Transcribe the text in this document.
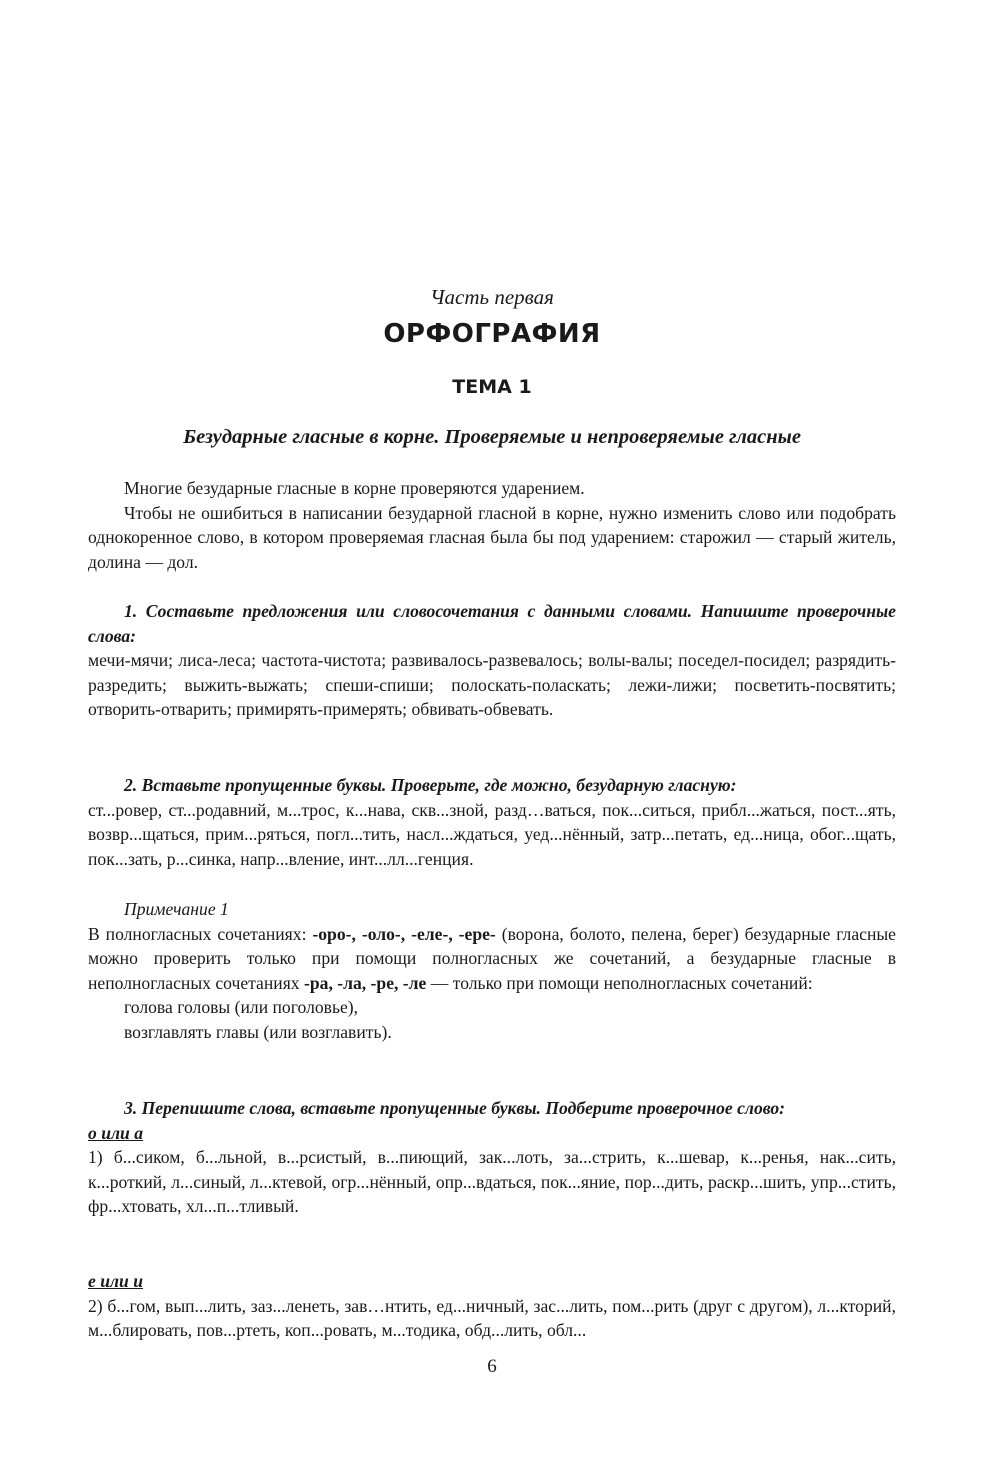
Часть первая

ОРФОГРАФИЯ
ТЕМА 1
Безударные гласные в корне. Проверяемые и непроверяемые гласные

Многие безударные гласные в корне проверяются ударением.

Чтобы не ошибиться в написании безударной гласной в корне, нужно изменить слово или подобрать однокоренное слово, в котором проверяемая гласная была бы под ударением: старожил — старый житель, долина — дол.

1. Составьте предложения или словосочетания с данными словами. Напишите проверочные слова:

мечи-мячи; лиса-леса; частота-чистота; развивалось-развевалось; волы-валы; поседел-посидел; разрядить-разредить; выжить-выжать; спеши-спиши; полоскать-поласкать; лежи-лижи; посветить-посвятить; отворить-отварить; примирять-примерять; обвивать-обвевать.

2. Вставьте пропущенные буквы. Проверьте, где можно, безударную гласную:

ст...ровер, ст...родавний, м...трос, к...нава, скв...зной, разд…ваться, пок...ситься, прибл...жаться, пост...ять, возвр...щаться, прим...ряться, погл...тить, насл...ждаться, уед...нённый, затр...петать, ед...ница, обог...щать, пок...зать, р...синка, напр...вление, инт...лл...генция.

Примечание 1

В полногласных сочетаниях: -оро-, -оло-, -еле-, -ере- (ворона, болото, пелена, берег) безударные гласные можно проверить только при помощи полногласных же сочетаний, а безударные гласные в неполногласных сочетаниях -ра, -ла, -ре, -ле — только при помощи неполногласных сочетаний:

голова головы (или поголовье),

возглавлять главы (или возглавить).

3. Перепишите слова, вставьте пропущенные буквы. Подберите проверочное слово:

о или а

1) б...сиком, б...льной, в...рсистый, в...пиющий, зак...лоть, за...стрить, к...шевар, к...ренья, нак...сить, к...роткий, л...синый, л...ктевой, огр...нённый, опр...вдаться, пок...яние, пор...дить, раскр...шить, упр...стить, фр...хтовать, хл...п...тливый.

е или и

2) б...гом, вып...лить, заз...ленеть, зав…нтить, ед...ничный, зас...лить, пом...рить (друг с другом), л...кторий, м...блировать, пов...ртеть, коп...ровать, м...тодика, обд...лить, обл...

6
